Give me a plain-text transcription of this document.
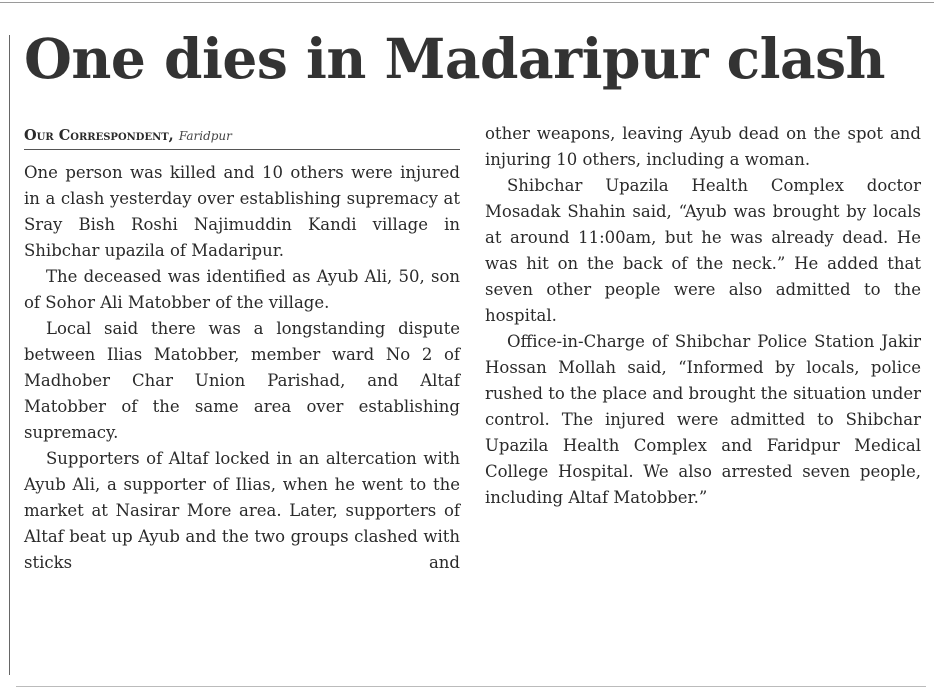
One dies in Madaripur clash
Our Correspondent, Faridpur

One person was killed and 10 others were injured in a clash yesterday over establishing supremacy at Sray Bish Roshi Najimuddin Kandi village in Shibchar upazila of Madaripur.

The deceased was identified as Ayub Ali, 50, son of Sohor Ali Matobber of the village.

Local said there was a longstanding dispute between Ilias Matobber, member ward No 2 of Madhober Char Union Parishad, and Altaf Matobber of the same area over establishing supremacy.

Supporters of Altaf locked in an altercation with Ayub Ali, a supporter of Ilias, when he went to the market at Nasirar More area. Later, supporters of Altaf beat up Ayub and the two groups clashed with sticks and

other weapons, leaving Ayub dead on the spot and injuring 10 others, including a woman.

Shibchar Upazila Health Complex doctor Mosadak Shahin said, “Ayub was brought by locals at around 11:00am, but he was already dead. He was hit on the back of the neck.” He added that seven other people were also admitted to the hospital.

Office-in-Charge of Shibchar Police Station Jakir Hossan Mollah said, “Informed by locals, police rushed to the place and brought the situation under control. The injured were admitted to Shibchar Upazila Health Complex and Faridpur Medical College Hospital. We also arrested seven people, including Altaf Matobber.”
